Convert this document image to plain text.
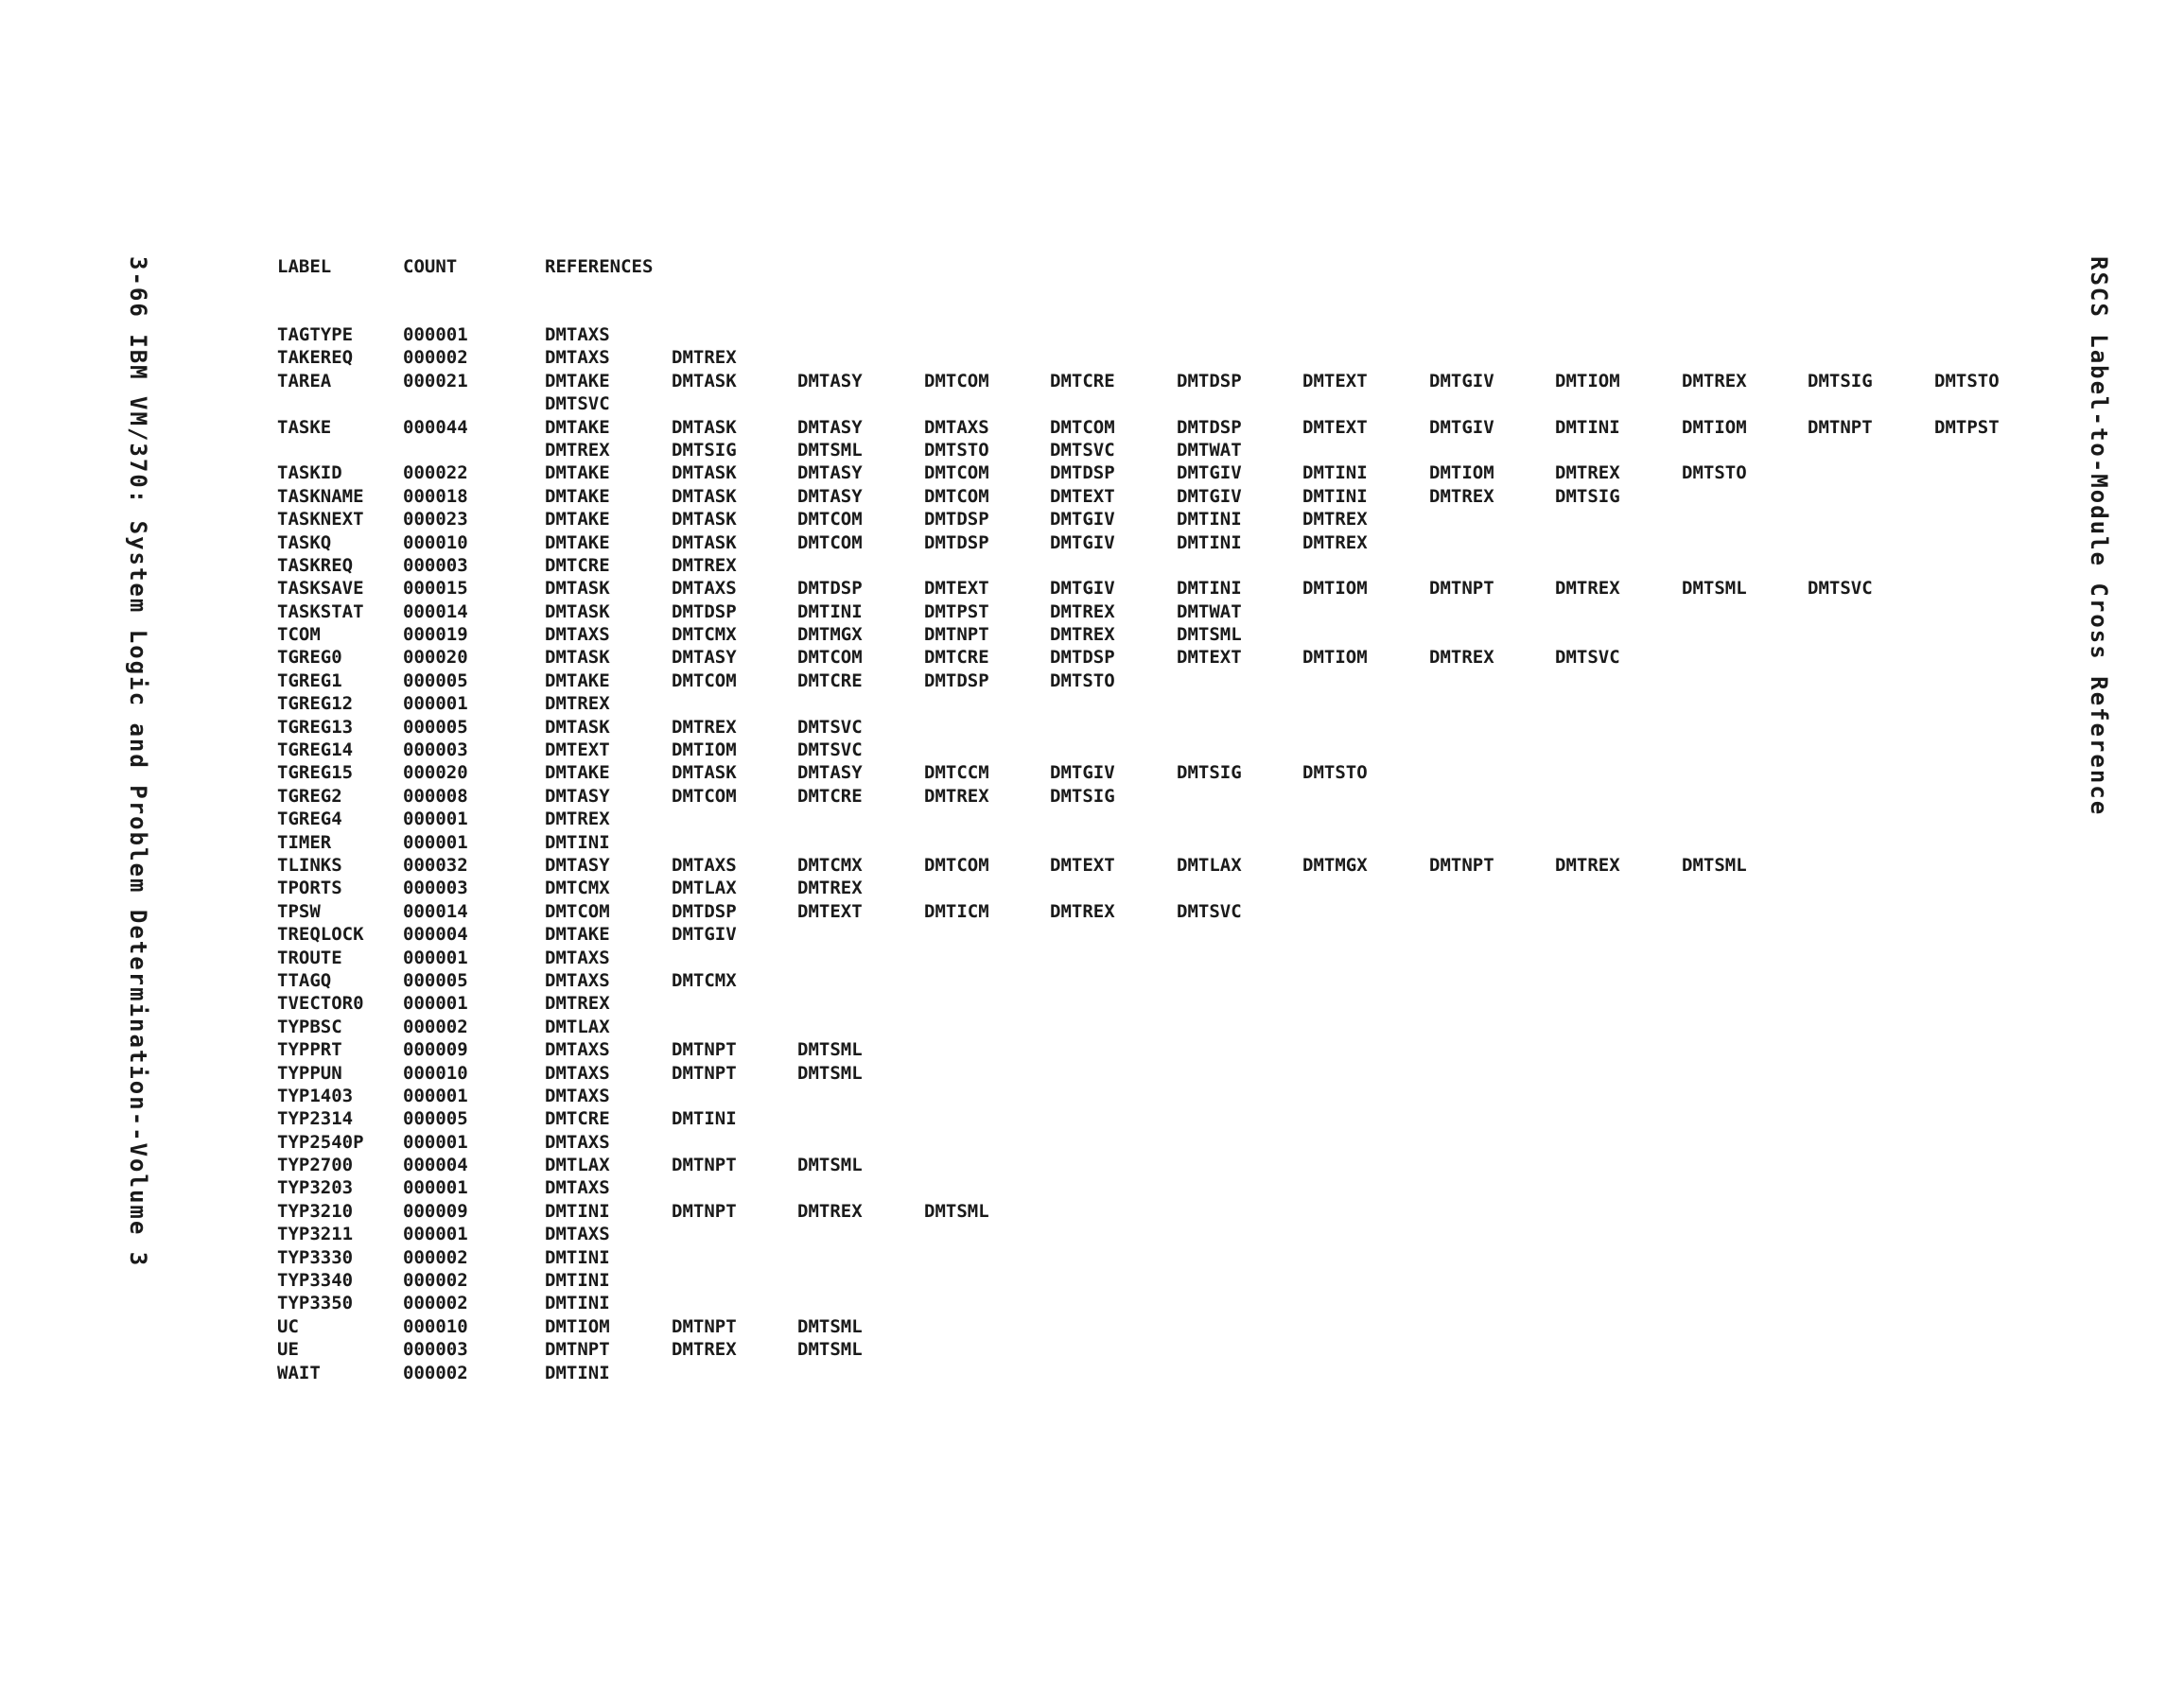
3-66 IBM VM/370: System Logic and Problem Determination--Volume 3	RSCS Label-to-Module Cross Reference
LABEL	COUNT	REFERENCES
TAGTYPE	000001	DMTAXS
TAKEREQ	000002	DMTAXS	DMTREX
TAREA	000021	DMTAKE	DMTASK	DMTASY	DMTCOM	DMTCRE	DMTDSP	DMTEXT	DMTGIV	DMTIOM	DMTREX	DMTSIG	DMTSTO
DMTSVC
TASKE	000044	DMTAKE	DMTASK	DMTASY	DMTAXS	DMTCOM	DMTDSP	DMTEXT	DMTGIV	DMTINI	DMTIOM	DMTNPT	DMTPST
DMTREX	DMTSIG	DMTSML	DMTSTO	DMTSVC	DMTWAT
TASKID	000022	DMTAKE	DMTASK	DMTASY	DMTCOM	DMTDSP	DMTGIV	DMTINI	DMTIOM	DMTREX	DMTSTO
TASKNAME 000018	DMTAKE	DMTASK	DMTASY	DMTCOM	DMTEXT	DMTGIV	DMTINI	DMTREX	DMTSIG
TASKNEXT 000023	DMTAKE	DMTASK	DMTCOM	DMTDSP	DMTGIV	DMTINI	DMTREX
TASKQ	000010	DMTAKE	DMTASK	DMTCOM	DMTDSP	DMTGIV	DMTINI	DMTREX
TASKREQ	000003	DMTCRE	DMTREX
TASKSAVE 000015	DMTASK	DMTAXS	DMTDSP	DMTEXT	DMTGIV	DMTINI	DMTIOM	DMTNPT	DMTREX	DMTSML	DMTSVC
TASKSTAT 000014	DMTASK	DMTDSP	DMTINI	DMTPST	DMTREX	DMTWAT
TCOM	000019	DMTAXS	DMTCMX	DMTMGX	DMTNPT	DMTREX	DMTSML
TGREG0	000020	DMTASK	DMTASY	DMTCOM	DMTCRE	DMTDSP	DMTEXT	DMTIOM	DMTREX	DMTSVC
TGREG1	000005	DMTAKE	DMTCOM	DMTCRE	DMTDSP	DMTSTO
TGREG12	000001	DMTREX
TGREG13	000005	DMTASK	DMTREX	DMTSVC
TGREG14	000003	DMTEXT	DMTIOM	DMTSVC
TGREG15	000020	DMTAKE	DMTASK	DMTASY	DMTCCM	DMTGIV	DMTSIG	DMTSTO
TGREG2	000008	DMTASY	DMTCOM	DMTCRE	DMTREX	DMTSIG
TGREG4	000001	DMTREX
TIMER	000001	DMTINI
TLINKS	000032	DMTASY	DMTAXS	DMTCMX	DMTCOM	DMTEXT	DMTLAX	DMTMGX	DMTNPT	DMTREX	DMTSML
TPORTS	000003	DMTCMX	DMTLAX	DMTREX
TPSW	000014	DMTCOM	DMTDSP	DMTEXT	DMTICM	DMTREX	DMTSVC
TREQLOCK 000004	DMTAKE	DMTGIV
TROUTE	000001	DMTAXS
TTAGQ	000005	DMTAXS	DMTCMX
TVECTOR0 000001	DMTREX
TYPBSC	000002	DMTLAX
TYPPRT	000009	DMTAXS	DMTNPT	DMTSML
TYPPUN	000010	DMTAXS	DMTNPT	DMTSML
TYP1403	000001	DMTAXS
TYP2314	000005	DMTCRE	DMTINI
TYP2540P 000001	DMTAXS
TYP2700	000004	DMTLAX	DMTNPT	DMTSML
TYP3203	000001	DMTAXS
TYP3210	000009	DMTINI	DMTNPT	DMTREX	DMTSML
TYP3211	000001	DMTAXS
TYP3330	000002	DMTINI
TYP3340	000002	DMTINI
TYP3350	000002	DMTINI
UC	000010	DMTIOM	DMTNPT	DMTSML
UE	000003	DMTNPT	DMTREX	DMTSML
WAIT	000002	DMTINI
